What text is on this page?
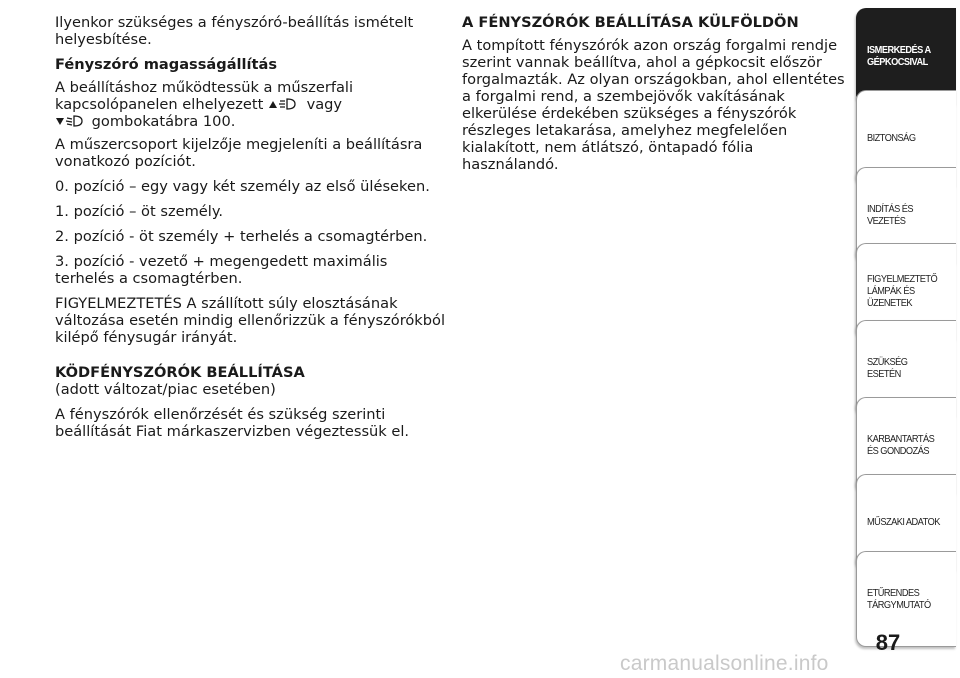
Ilyenkor szükséges a fényszóró-beállítás ismételt helyesbítése.

Fényszóró magasságállítás

A beállításhoz működtessük a műszerfali kapcsolópanelen elhelyezett	vagy

gombokatábra 100.

A műszercsoport kijelzője megjeleníti a beállításra vonatkozó pozíciót.

0. pozíció – egy vagy két személy az első üléseken.

1. pozíció – öt személy.

2. pozíció - öt személy + terhelés a csomagtérben.

3. pozíció - vezető + megengedett maximális terhelés a csomagtérben.

FIGYELMEZTETÉS A szállított súly elosztásának változása esetén mindig ellenőrizzük a fényszórókból kilépő fénysugár irányát.

KÖDFÉNYSZÓRÓK BEÁLLÍTÁSA

(adott változat/piac esetében)

A fényszórók ellenőrzését és szükség szerinti beállítását Fiat márkaszervizben végeztessük el.

A FÉNYSZÓRÓK BEÁLLÍTÁSA KÜLFÖLDÖN

A tompított fényszórók azon ország forgalmi rendje szerint vannak beállítva, ahol a gépkocsit először forgalmazták. Az olyan országokban, ahol ellentétes a forgalmi rend, a szembejövők vakításának elkerülése érdekében szükséges a fényszórók részleges letakarása, amelyhez megfelelően kialakított, nem átlátszó, öntapadó fólia használandó.

ISMERKEDÉS A GÉPKOCSIVAL
BIZTONSÁG
INDÍTÁS ÉS VEZETÉS
FIGYELMEZTETŐ LÁMPÁK ÉS ÜZENETEK
SZÜKSÉG ESETÉN
KARBANTARTÁS ÉS GONDOZÁS
MŰSZAKI ADATOK
ETŰRENDES TÁRGYMUTATÓ
87
carmanualsonline.info
